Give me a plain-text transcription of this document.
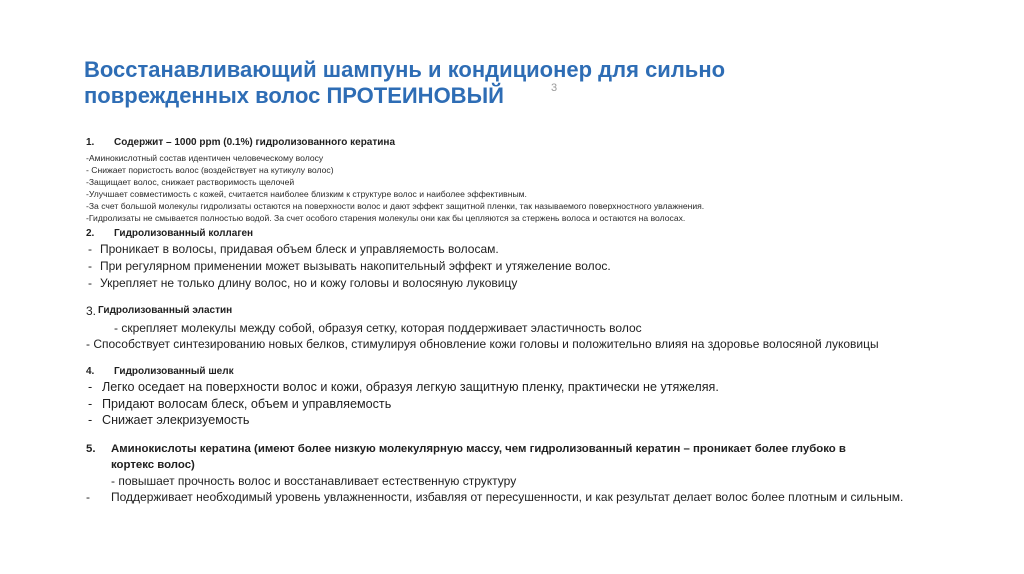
Восстанавливающий шампунь и кондиционер для сильно
поврежденных волос ПРОТЕИНОВЫЙ	3
1. Содержит – 1000 ppm (0.1%) гидролизованного кератина
-Аминокислотный состав идентичен человеческому волосу
- Снижает пористость волос (воздействует на кутикулу волос)
-Защищает волос, снижает растворимость щелочей
-Улучшает совместимость с кожей, считается наиболее близким к структуре волос и наиболее эффективным.
-За счет большой молекулы гидролизаты остаются на поверхности волос и дают эффект защитной пленки, так называемого поверхностного увлажнения.
-Гидролизаты не смывается полностью водой. За счет особого старения молекулы они как бы цепляются за стержень волоса и остаются на волосах.
2. Гидролизованный коллаген
- Проникает в волосы, придавая объем блеск и управляемость волосам.
- При регулярном применении может вызывать накопительный эффект и утяжеление волос.
- Укрепляет не только длину волос, но и кожу головы и волосяную луковицу
3. Гидролизованный эластин
- скрепляет молекулы между собой, образуя сетку, которая поддерживает эластичность волос
- Способствует синтезированию новых белков, стимулируя обновление кожи головы и положительно влияя на здоровье волосяной луковицы
4. Гидролизованный шелк
- Легко оседает на поверхности волос и кожи, образуя легкую защитную пленку, практически не утяжеляя.
- Придают волосам блеск, объем и управляемость
- Снижает элекризуемость
5. Аминокислоты кератина (имеют более низкую молекулярную массу, чем гидролизованный кератин – проникает более глубоко в
кортекс волос)
- повышает прочность волос и восстанавливает естественную структуру
- Поддерживает необходимый уровень увлажненности, избавляя от пересушенности, и как результат делает волос более плотным и сильным.
